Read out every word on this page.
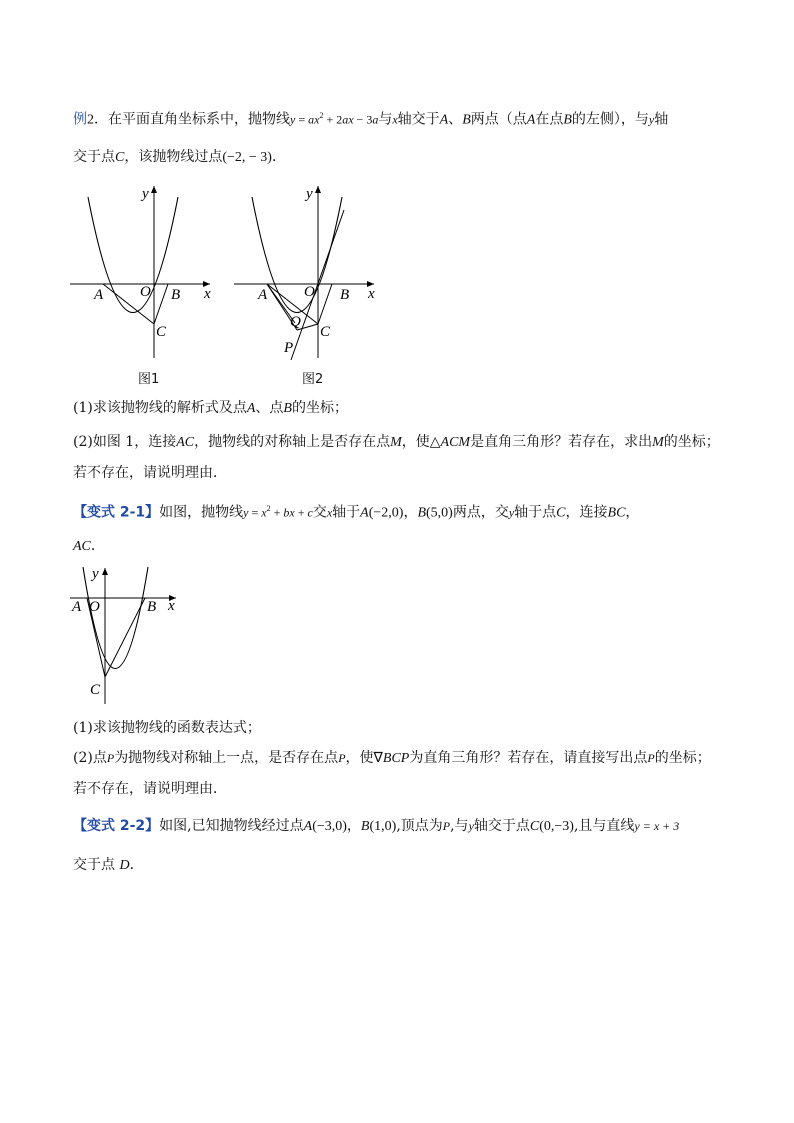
例2．在平面直角坐标系中，抛物线$y = ax^2 + 2ax - 3a$与x轴交于A、B两点（点A在点B的左侧），与y轴
交于点C，该抛物线过点(−2, − 3)．
y
x
O
A	B
C
图1
y
x
O
A	B
C
Q
P
图2
(1)求该抛物线的解析式及点A、点B的坐标；
(2)如图 1，连接AC，抛物线的对称轴上是否存在点M，使△ACM是直角三角形？若存在，求出M的坐标；
若不存在，请说明理由．
【变式 2-1】如图，抛物线$y = x^2$ + bx + c交x轴于A(−2,0)，B(5,0)两点，交y轴于点C，连接BC，
AC．
y
x
A O	B
C
(1)求该抛物线的函数表达式；
(2)点P为抛物线对称轴上一点，是否存在点P，使∇BCP为直角三角形？若存在，请直接写出点P的坐标；
若不存在，请说明理由．
【变式 2-2】如图,已知抛物线经过点A(−3,0)，B(1,0),顶点为P,与y轴交于点C(0,−3),且与直线y = x + 3
交于点 D．
